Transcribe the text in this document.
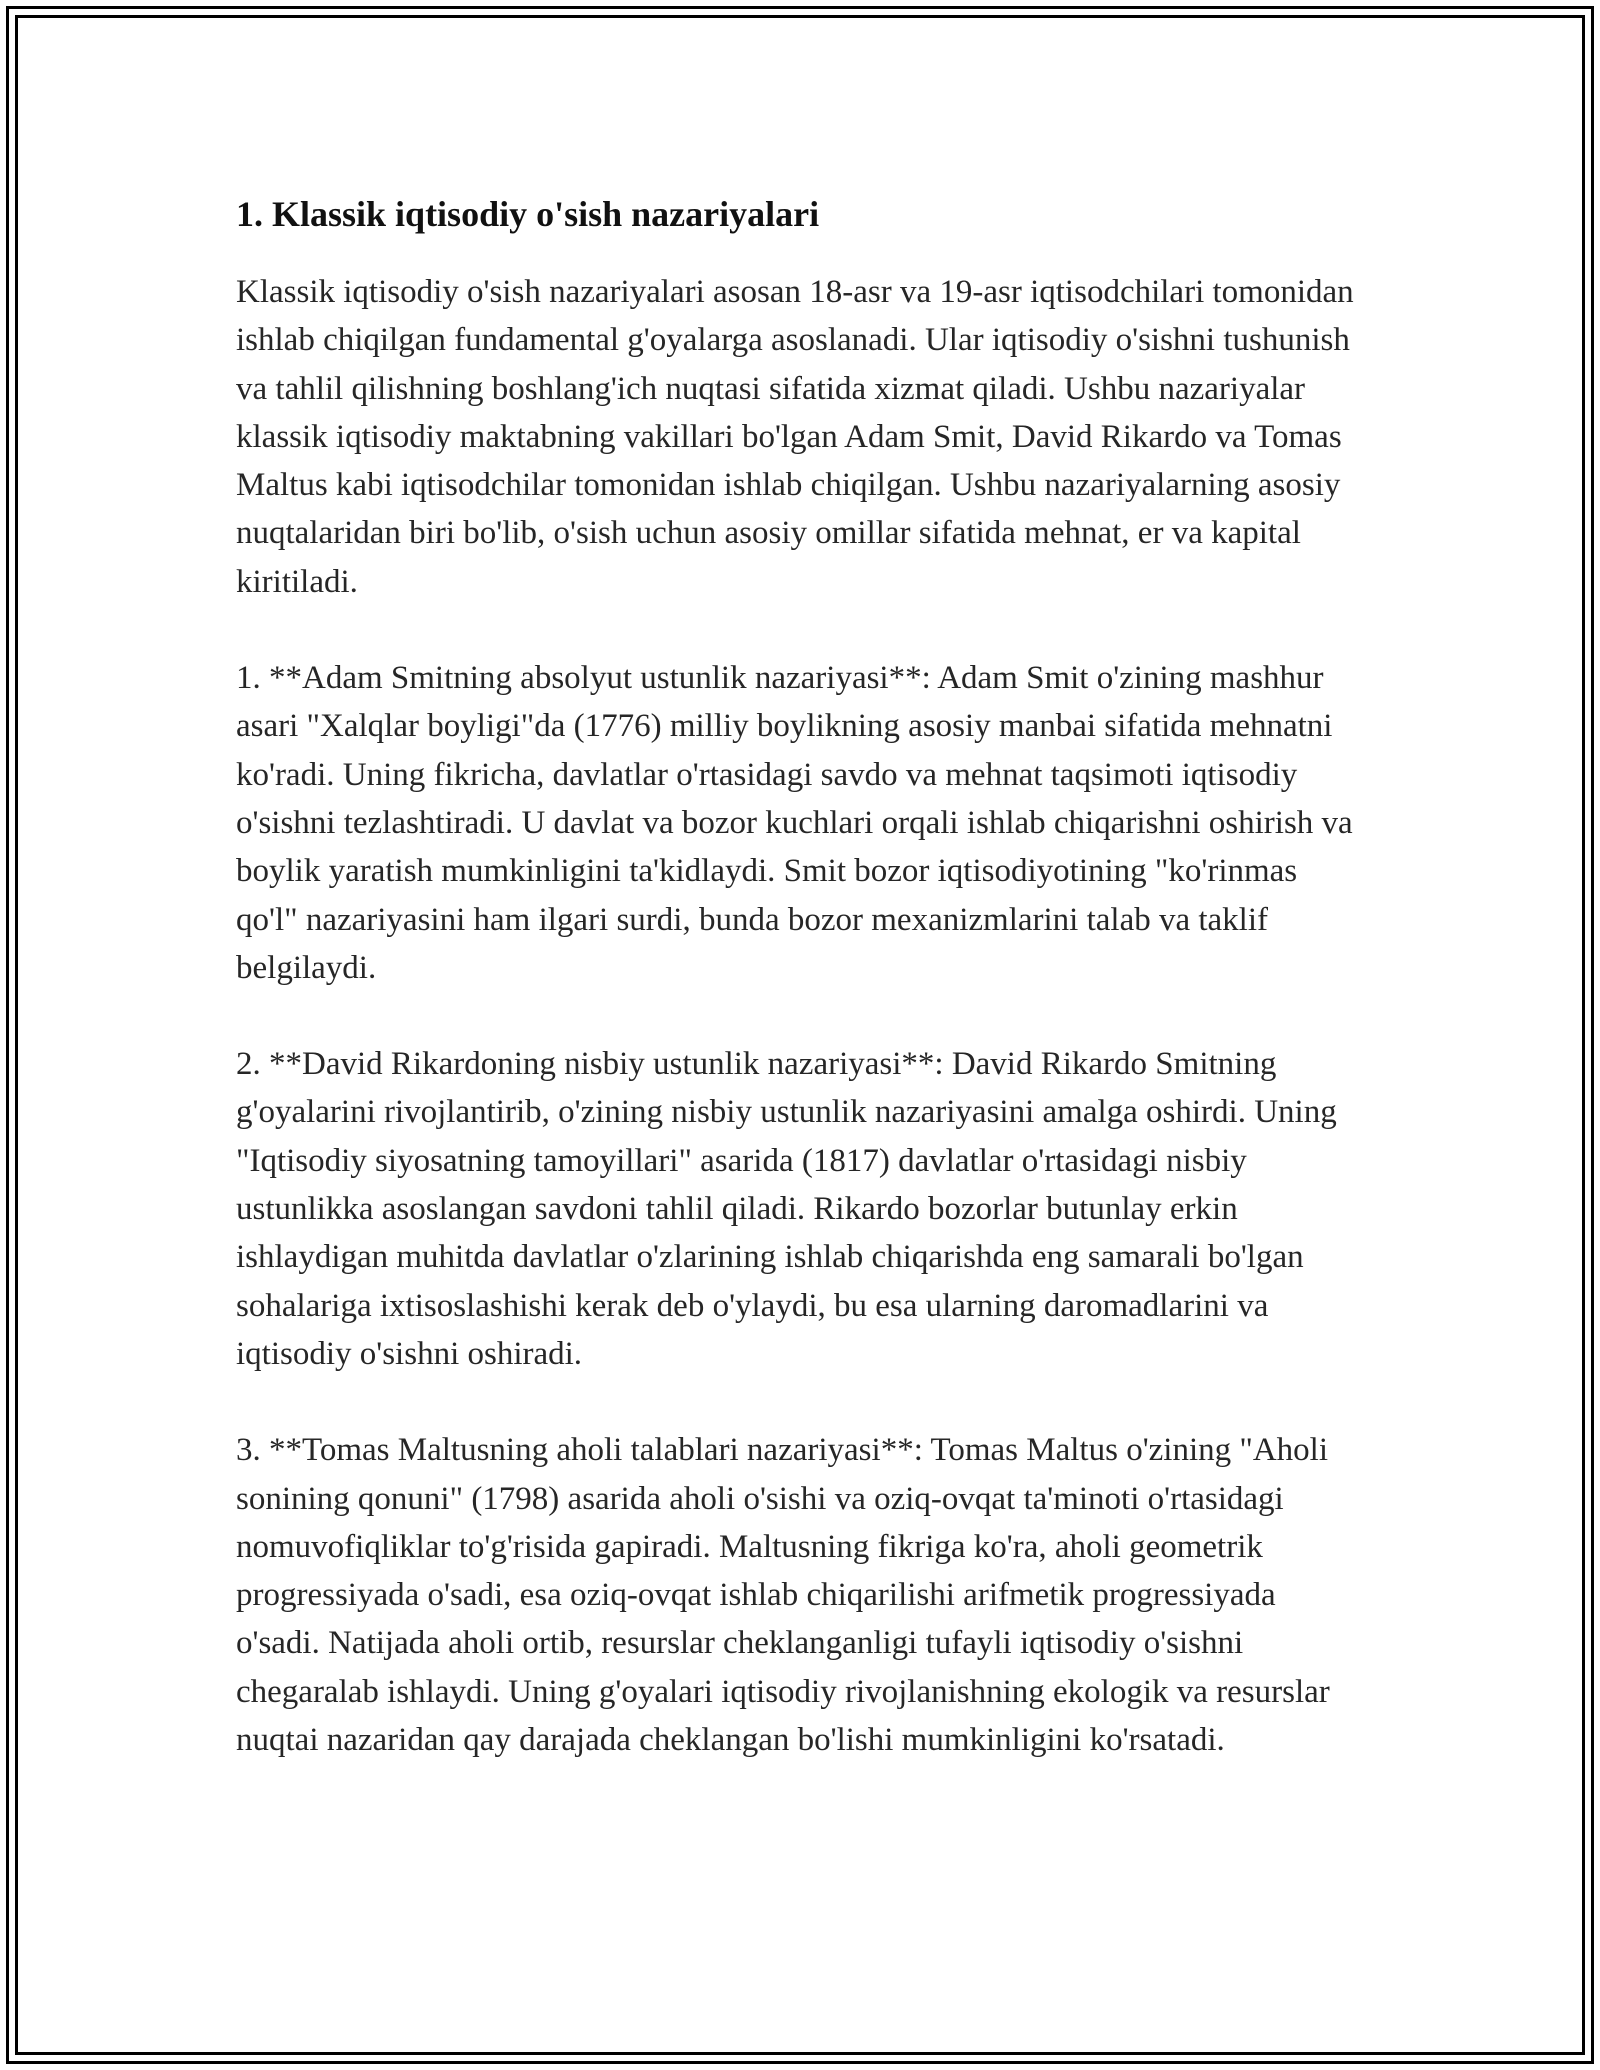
1. Klassik iqtisodiy o'sish nazariyalari

Klassik iqtisodiy o'sish nazariyalari asosan 18-asr va 19-asr iqtisodchilari tomonidan ishlab chiqilgan fundamental g'oyalarga asoslanadi. Ular iqtisodiy o'sishni tushunish va tahlil qilishning boshlang'ich nuqtasi sifatida xizmat qiladi. Ushbu nazariyalar klassik iqtisodiy maktabning vakillari bo'lgan Adam Smit, David Rikardo va Tomas Maltus kabi iqtisodchilar tomonidan ishlab chiqilgan. Ushbu nazariyalarning asosiy nuqtalaridan biri bo'lib, o'sish uchun asosiy omillar sifatida mehnat, er va kapital kiritiladi.

1. **Adam Smitning absolyut ustunlik nazariyasi**: Adam Smit o'zining mashhur asari "Xalqlar boyligi"da (1776) milliy boylikning asosiy manbai sifatida mehnatni ko'radi. Uning fikricha, davlatlar o'rtasidagi savdo va mehnat taqsimoti iqtisodiy o'sishni tezlashtiradi. U davlat va bozor kuchlari orqali ishlab chiqarishni oshirish va boylik yaratish mumkinligini ta'kidlaydi. Smit bozor iqtisodiyotining "ko'rinmas qo'l" nazariyasini ham ilgari surdi, bunda bozor mexanizmlarini talab va taklif belgilaydi.

2. **David Rikardoning nisbiy ustunlik nazariyasi**: David Rikardo Smitning g'oyalarini rivojlantirib, o'zining nisbiy ustunlik nazariyasini amalga oshirdi. Uning "Iqtisodiy siyosatning tamoyillari" asarida (1817) davlatlar o'rtasidagi nisbiy ustunlikka asoslangan savdoni tahlil qiladi. Rikardo bozorlar butunlay erkin ishlaydigan muhitda davlatlar o'zlarining ishlab chiqarishda eng samarali bo'lgan sohalariga ixtisoslashishi kerak deb o'ylaydi, bu esa ularning daromadlarini va iqtisodiy o'sishni oshiradi.

3. **Tomas Maltusning aholi talablari nazariyasi**: Tomas Maltus o'zining "Aholi sonining qonuni" (1798) asarida aholi o'sishi va oziq-ovqat ta'minoti o'rtasidagi nomuvofiqliklar to'g'risida gapiradi. Maltusning fikriga ko'ra, aholi geometrik progressiyada o'sadi, esa oziq-ovqat ishlab chiqarilishi arifmetik progressiyada o'sadi. Natijada aholi ortib, resurslar cheklanganligi tufayli iqtisodiy o'sishni chegaralab ishlaydi. Uning g'oyalari iqtisodiy rivojlanishning ekologik va resurslar nuqtai nazaridan qay darajada cheklangan bo'lishi mumkinligini ko'rsatadi.
